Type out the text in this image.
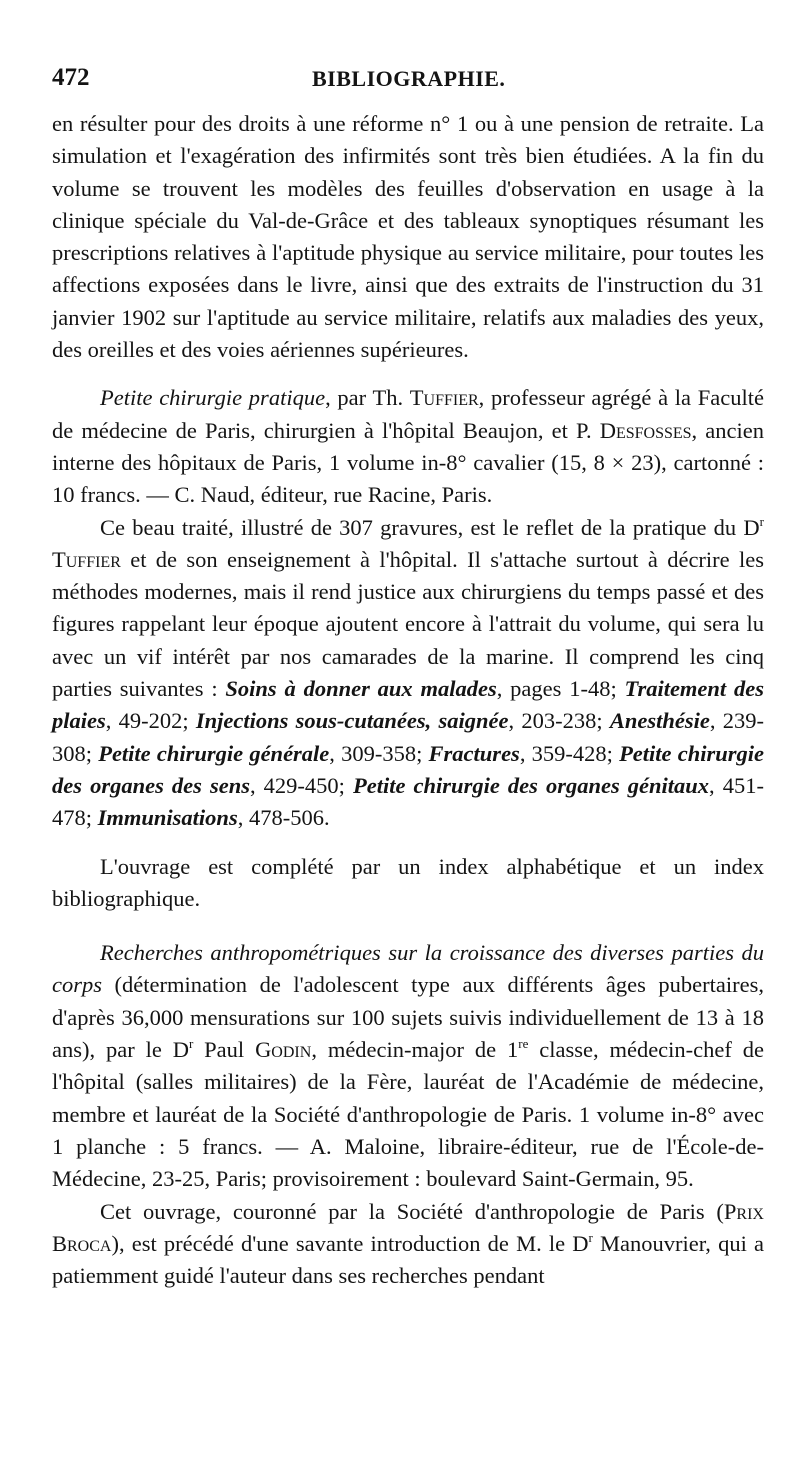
472	BIBLIOGRAPHIE.

en résulter pour des droits à une réforme n° 1 ou à une pension de retraite. La simulation et l'exagération des infirmités sont très bien étudiées. A la fin du volume se trouvent les modèles des feuilles d'observation en usage à la clinique spéciale du Val-de-Grâce et des tableaux synoptiques résumant les prescriptions relatives à l'aptitude physique au service militaire, pour toutes les affections exposées dans le livre, ainsi que des extraits de l'instruction du 31 janvier 1902 sur l'aptitude au service militaire, relatifs aux maladies des yeux, des oreilles et des voies aériennes supérieures.

Petite chirurgie pratique, par Th. Tuffier, professeur agrégé à la Faculté de médecine de Paris, chirurgien à l'hôpital Beaujon, et P. Desfosses, ancien interne des hôpitaux de Paris, 1 volume in-8° cavalier (15, 8 × 23), cartonné : 10 francs. — C. Naud, éditeur, rue Racine, Paris.

Ce beau traité, illustré de 307 gravures, est le reflet de la pratique du $D^r$ Tuffier et de son enseignement à l'hôpital. Il s'attache surtout à décrire les méthodes modernes, mais il rend justice aux chirurgiens du temps passé et des figures rappelant leur époque ajoutent encore à l'attrait du volume, qui sera lu avec un vif intérêt par nos camarades de la marine. Il comprend les cinq parties suivantes : Soins à donner aux malades, pages 1-48; Traitement des plaies, 49-202; Injections sous-cutanées, saignée, 203-238; Anesthésie, 239-308; Petite chirurgie générale, 309-358; Fractures, 359-428; Petite chirurgie des organes des sens, 429-450; Petite chirurgie des organes génitaux, 451-478; Immunisations, 478-506.

L'ouvrage est complété par un index alphabétique et un index bibliographique.

Recherches anthropométriques sur la croissance des diverses parties du corps (détermination de l'adolescent type aux différents âges pubertaires, d'après 36,000 mensurations sur 100 sujets suivis individuellement de 13 à 18 ans), par le $D^r$ Paul Godin, médecin-major de 1re classe, médecin-chef de l'hôpital (salles militaires) de la Fère, lauréat de l'Académie de médecine, membre et lauréat de la Société d'anthropologie de Paris. 1 volume in-8° avec 1 planche : 5 francs. — A. Maloine, libraire-éditeur, rue de l'École-de-Médecine, 23-25, Paris; provisoirement : boulevard Saint-Germain, 95.

Cet ouvrage, couronné par la Société d'anthropologie de Paris (Prix Broca), est précédé d'une savante introduction de M. le $D^r$ Manouvrier, qui a patiemment guidé l'auteur dans ses recherches pendant
